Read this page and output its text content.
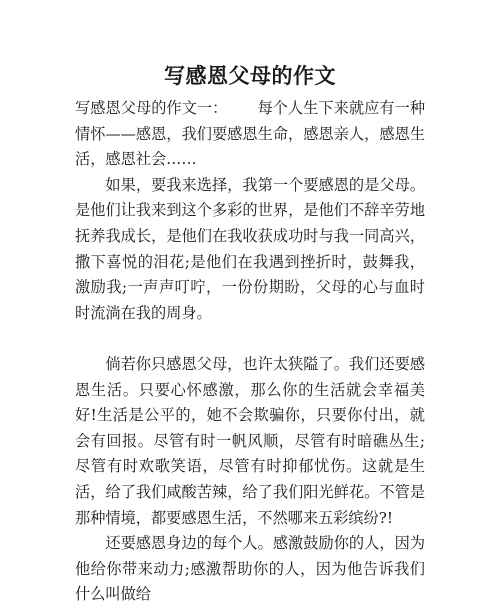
写感恩父母的作文

写感恩父母的作文一： 每个人生下来就应有一种情怀——感恩，我们要感恩生命，感恩亲人，感恩生活，感恩社会……

如果，要我来选择，我第一个要感恩的是父母。是他们让我来到这个多彩的世界，是他们不辞辛劳地抚养我成长，是他们在我收获成功时与我一同高兴，撒下喜悦的泪花;是他们在我遇到挫折时，鼓舞我，激励我;一声声叮咛，一份份期盼，父母的心与血时时流淌在我的周身。

倘若你只感恩父母，也许太狭隘了。我们还要感恩生活。只要心怀感激，那么你的生活就会幸福美好!生活是公平的，她不会欺骗你，只要你付出，就会有回报。尽管有时一帆风顺，尽管有时暗礁丛生;尽管有时欢歌笑语，尽管有时抑郁忧伤。这就是生活，给了我们咸酸苦辣，给了我们阳光鲜花。不管是那种情境，都要感恩生活，不然哪来五彩缤纷?!

还要感恩身边的每个人。感激鼓励你的人，因为他给你带来动力;感激帮助你的人，因为他告诉我们什么叫做给
